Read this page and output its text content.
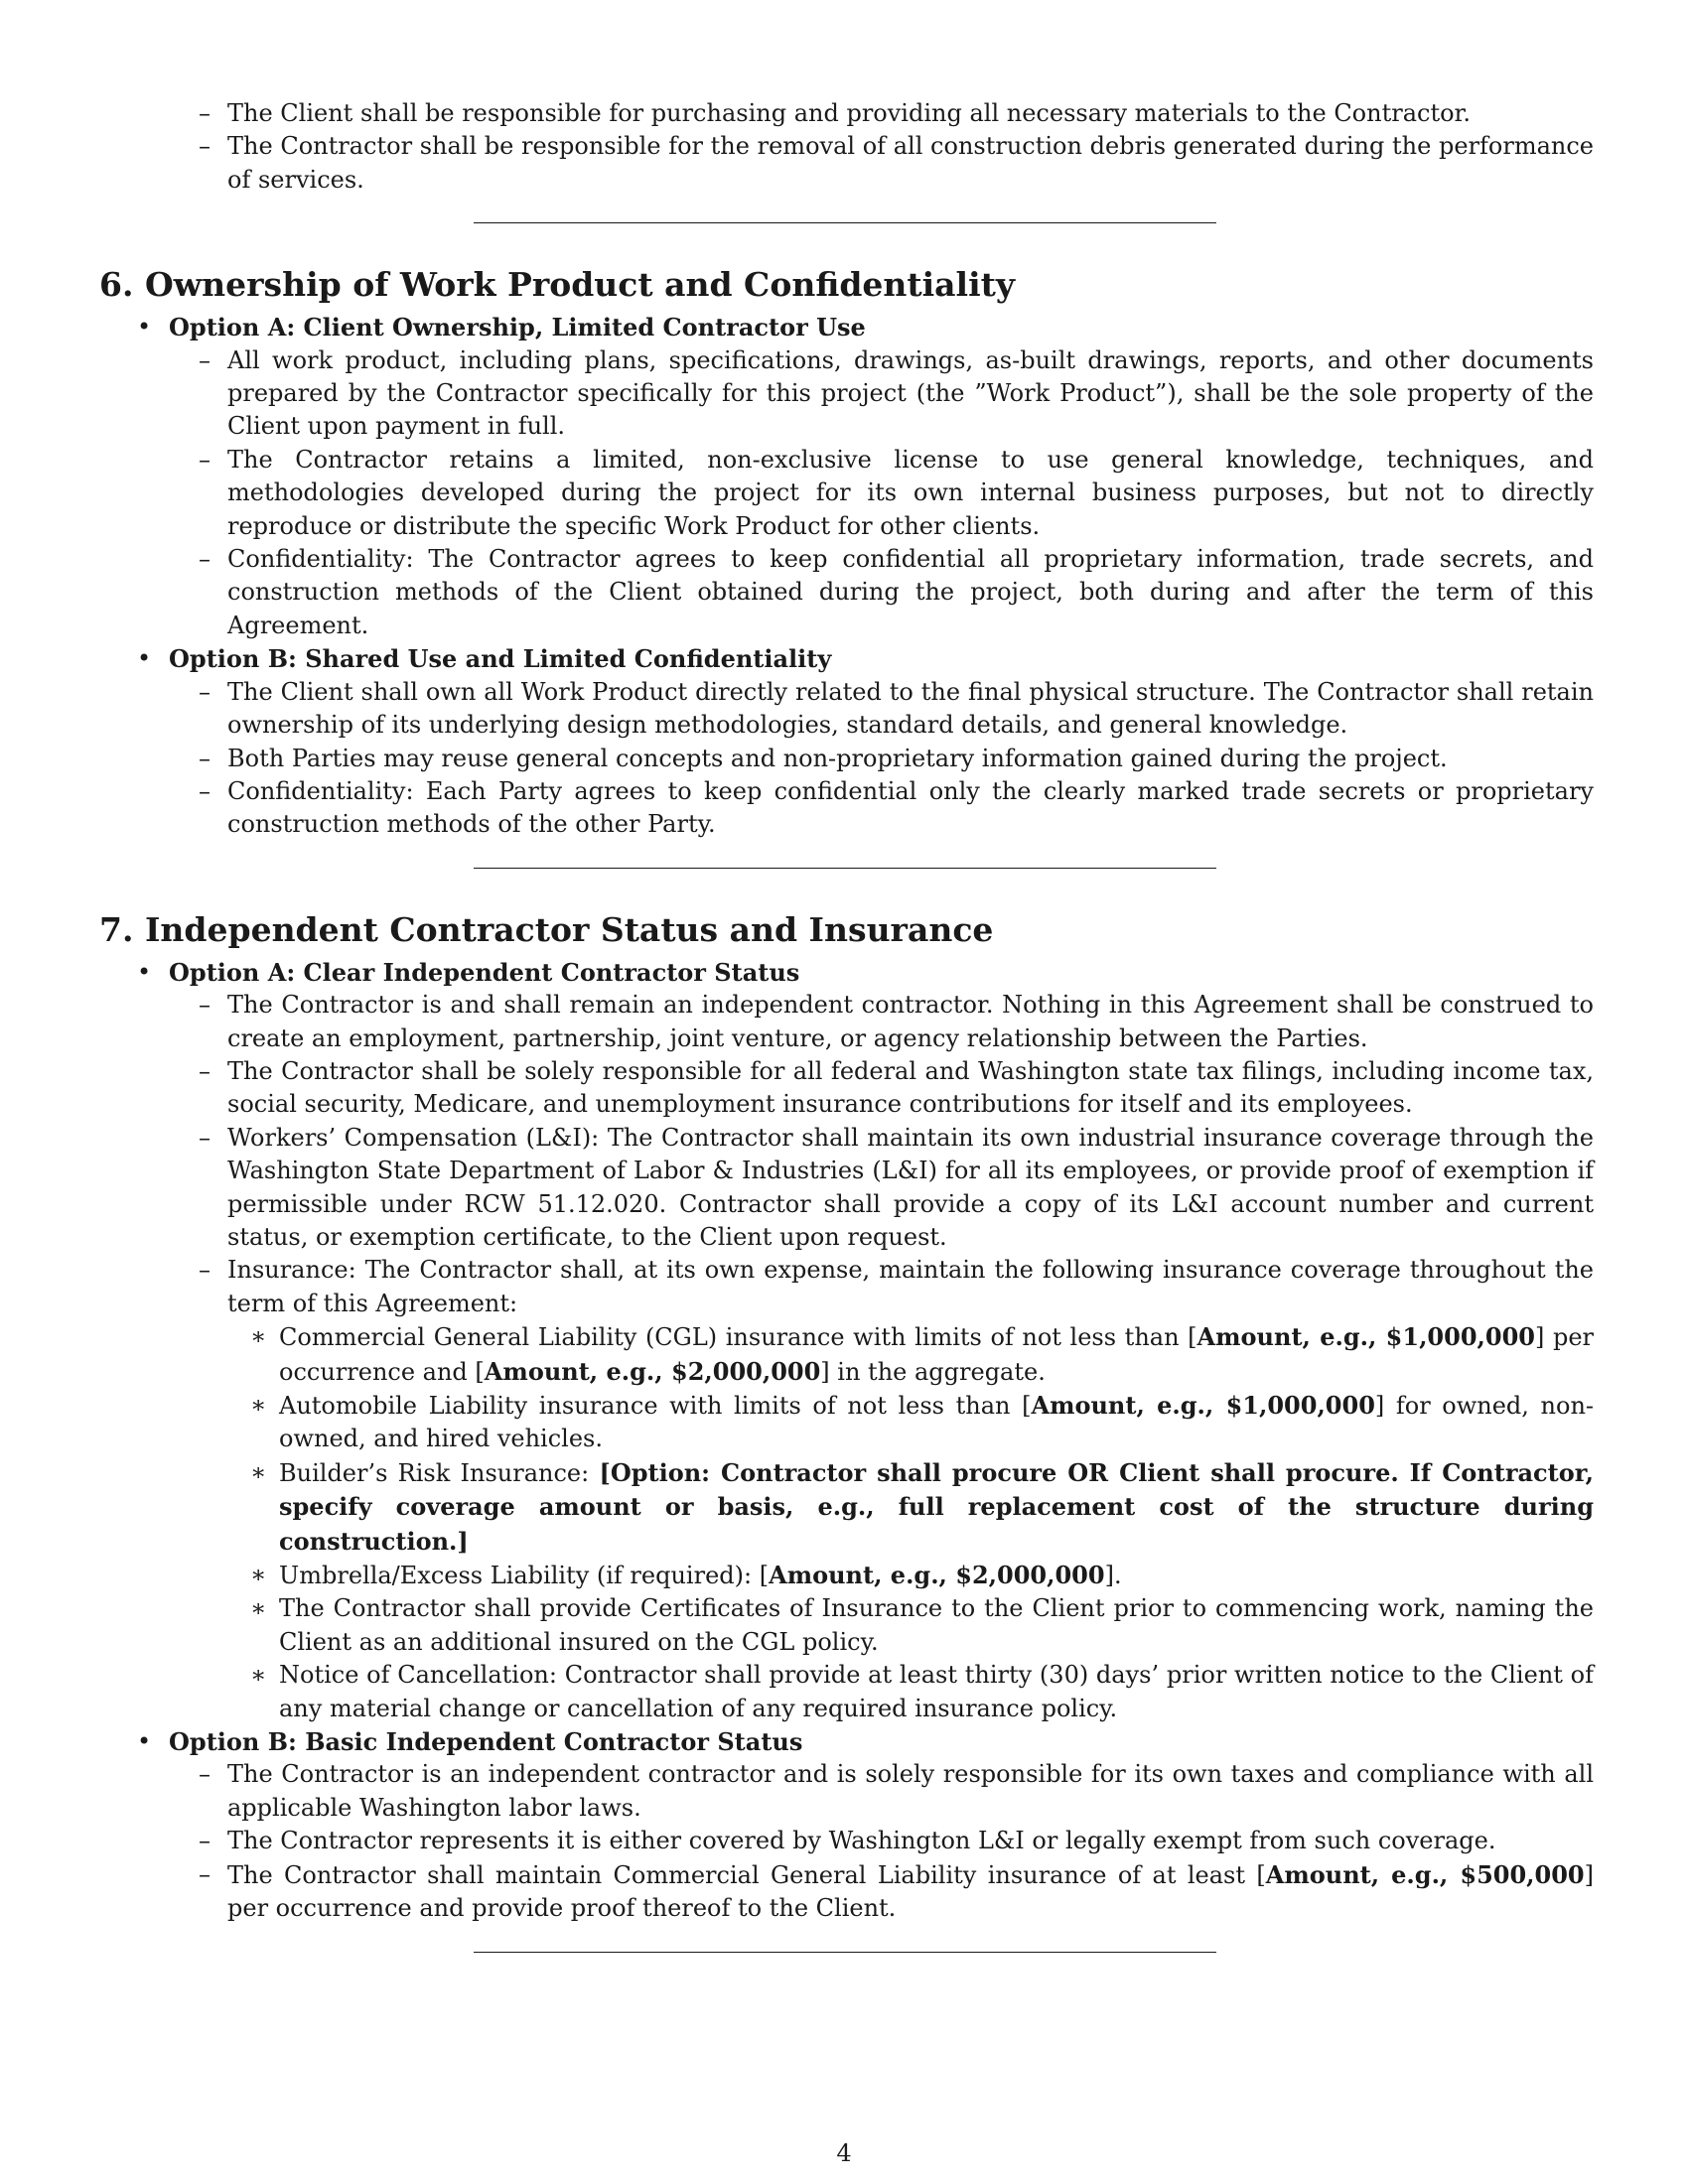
– The Client shall be responsible for purchasing and providing all necessary materials to the Contractor.
– The Contractor shall be responsible for the removal of all construction debris generated during the performance of services.
6. Ownership of Work Product and Confidentiality
• Option A: Client Ownership, Limited Contractor Use
– All work product, including plans, specifications, drawings, as-built drawings, reports, and other documents prepared by the Contractor specifically for this project (the ”Work Product”), shall be the sole property of the Client upon payment in full.
– The Contractor retains a limited, non-exclusive license to use general knowledge, techniques, and methodologies developed during the project for its own internal business purposes, but not to directly reproduce or distribute the specific Work Product for other clients.
– Confidentiality: The Contractor agrees to keep confidential all proprietary information, trade secrets, and construction methods of the Client obtained during the project, both during and after the term of this Agreement.
• Option B: Shared Use and Limited Confidentiality
– The Client shall own all Work Product directly related to the final physical structure. The Contractor shall retain ownership of its underlying design methodologies, standard details, and general knowledge.
– Both Parties may reuse general concepts and non-proprietary information gained during the project.
– Confidentiality: Each Party agrees to keep confidential only the clearly marked trade secrets or proprietary construction methods of the other Party.
7. Independent Contractor Status and Insurance
• Option A: Clear Independent Contractor Status
– The Contractor is and shall remain an independent contractor. Nothing in this Agreement shall be construed to create an employment, partnership, joint venture, or agency relationship between the Parties.
– The Contractor shall be solely responsible for all federal and Washington state tax filings, including income tax, social security, Medicare, and unemployment insurance contributions for itself and its employees.
– Workers’ Compensation (L&I): The Contractor shall maintain its own industrial insurance coverage through the Washington State Department of Labor & Industries (L&I) for all its employees, or provide proof of exemption if permissible under RCW 51.12.020. Contractor shall provide a copy of its L&I account number and current status, or exemption certificate, to the Client upon request.
– Insurance: The Contractor shall, at its own expense, maintain the following insurance coverage throughout the term of this Agreement:
∗ Commercial General Liability (CGL) insurance with limits of not less than [Amount, e.g., $1,000,000] per occurrence and [Amount, e.g., $2,000,000] in the aggregate.
∗ Automobile Liability insurance with limits of not less than [Amount, e.g., $1,000,000] for owned, non-owned, and hired vehicles.
∗ Builder’s Risk Insurance: [Option: Contractor shall procure OR Client shall procure. If Contractor, specify coverage amount or basis, e.g., full replacement cost of the structure during construction.]
∗ Umbrella/Excess Liability (if required): [Amount, e.g., $2,000,000].
∗ The Contractor shall provide Certificates of Insurance to the Client prior to commencing work, naming the Client as an additional insured on the CGL policy.
∗ Notice of Cancellation: Contractor shall provide at least thirty (30) days’ prior written notice to the Client of any material change or cancellation of any required insurance policy.
• Option B: Basic Independent Contractor Status
– The Contractor is an independent contractor and is solely responsible for its own taxes and compliance with all applicable Washington labor laws.
– The Contractor represents it is either covered by Washington L&I or legally exempt from such coverage.
– The Contractor shall maintain Commercial General Liability insurance of at least [Amount, e.g., $500,000] per occurrence and provide proof thereof to the Client.
4
